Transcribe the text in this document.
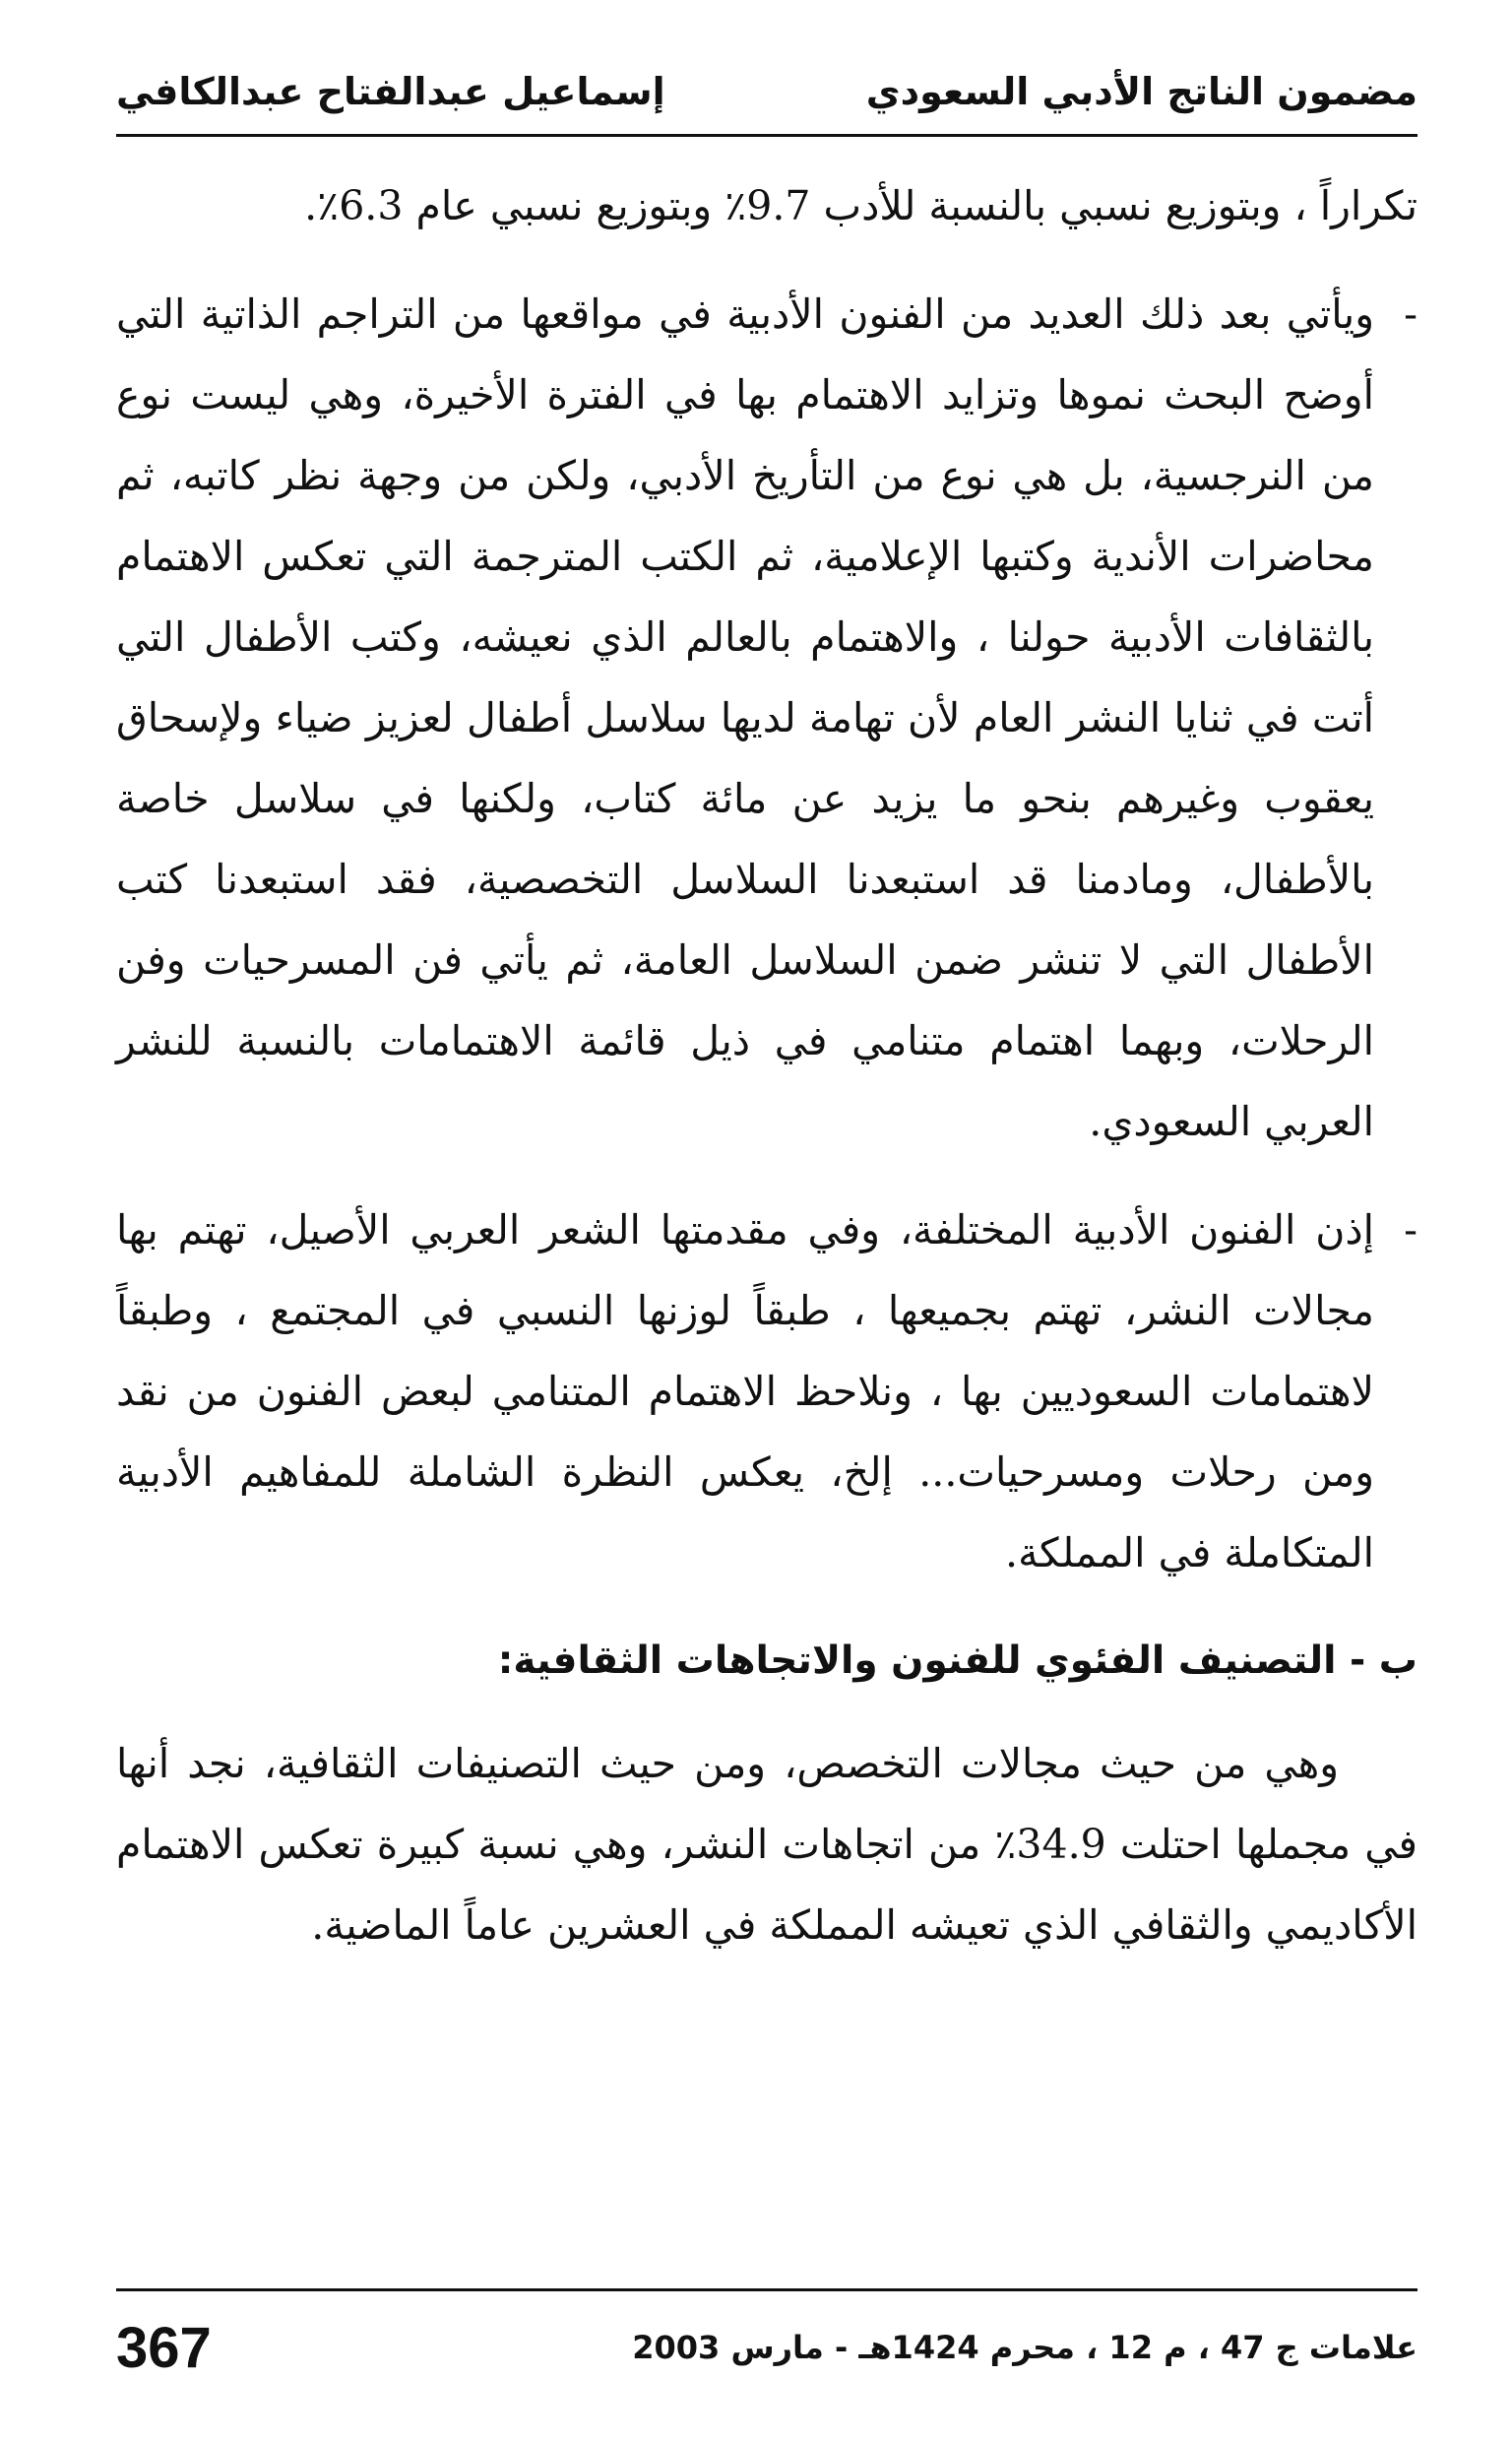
مضمون الناتج الأدبي السعودي
إسماعيل عبدالفتاح عبدالكافي

تكراراً ، وبتوزيع نسبي بالنسبة للأدب 9.7٪ وبتوزيع نسبي عام 6.3٪.

-
ويأتي بعد ذلك العديد من الفنون الأدبية في مواقعها من التراجم الذاتية التي أوضح البحث نموها وتزايد الاهتمام بها في الفترة الأخيرة، وهي ليست نوع من النرجسية، بل هي نوع من التأريخ الأدبي، ولكن من وجهة نظر كاتبه، ثم محاضرات الأندية وكتبها الإعلامية، ثم الكتب المترجمة التي تعكس الاهتمام بالثقافات الأدبية حولنا ، والاهتمام بالعالم الذي نعيشه، وكتب الأطفال التي أتت في ثنايا النشر العام لأن تهامة لديها سلاسل أطفال لعزيز ضياء ولإسحاق يعقوب وغيرهم بنحو ما يزيد عن مائة كتاب، ولكنها في سلاسل خاصة بالأطفال، ومادمنا قد استبعدنا السلاسل التخصصية، فقد استبعدنا كتب الأطفال التي لا تنشر ضمن السلاسل العامة، ثم يأتي فن المسرحيات وفن الرحلات، وبهما اهتمام متنامي في ذيل قائمة الاهتمامات بالنسبة للنشر العربي السعودي.

-
إذن الفنون الأدبية المختلفة، وفي مقدمتها الشعر العربي الأصيل، تهتم بها مجالات النشر، تهتم بجميعها ، طبقاً لوزنها النسبي في المجتمع ، وطبقاً لاهتمامات السعوديين بها ، ونلاحظ الاهتمام المتنامي لبعض الفنون من نقد ومن رحلات ومسرحيات... إلخ، يعكس النظرة الشاملة للمفاهيم الأدبية المتكاملة في المملكة.

ب - التصنيف الفئوي للفنون والاتجاهات الثقافية:

وهي من حيث مجالات التخصص، ومن حيث التصنيفات الثقافية، نجد أنها في مجملها احتلت 34.9٪ من اتجاهات النشر، وهي نسبة كبيرة تعكس الاهتمام الأكاديمي والثقافي الذي تعيشه المملكة في العشرين عاماً الماضية.

367	علامات ج 47 ، م 12 ، محرم 1424هـ - مارس 2003
